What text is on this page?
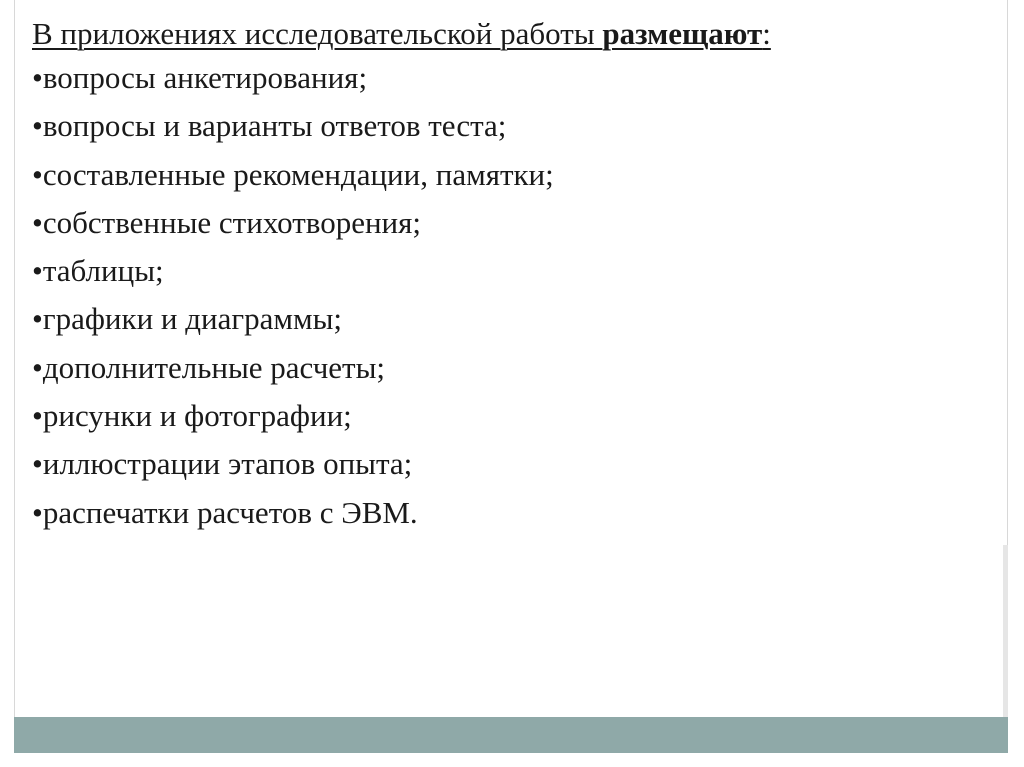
В приложениях исследовательской работы размещают:
•вопросы анкетирования;
•вопросы и варианты ответов теста;
•составленные рекомендации, памятки;
•собственные стихотворения;
•таблицы;
•графики и диаграммы;
•дополнительные расчеты;
•рисунки и фотографии;
•иллюстрации этапов опыта;
•распечатки расчетов с ЭВМ.
